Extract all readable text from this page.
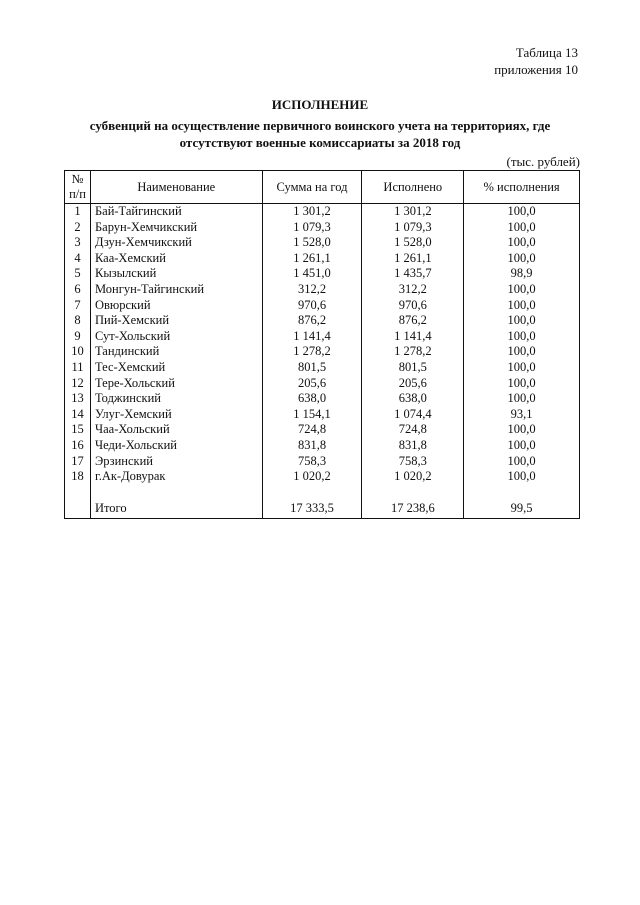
Таблица 13
приложения 10
ИСПОЛНЕНИЕ
субвенций на осуществление первичного воинского учета на территориях, где
отсутствуют военные комиссариаты за 2018 год
(тыс. рублей)
№
п/п	Наименование	Сумма на год	Исполнено	% исполнения
1	Бай-Тайгинский	1 301,2	1 301,2	100,0
2	Барун-Хемчикский	1 079,3	1 079,3	100,0
3	Дзун-Хемчикский	1 528,0	1 528,0	100,0
4	Каа-Хемский	1 261,1	1 261,1	100,0
5	Кызылский	1 451,0	1 435,7	98,9
6	Монгун-Тайгинский	312,2	312,2	100,0
7	Овюрский	970,6	970,6	100,0
8	Пий-Хемский	876,2	876,2	100,0
9	Сут-Хольский	1 141,4	1 141,4	100,0
10	Тандинский	1 278,2	1 278,2	100,0
11	Тес-Хемский	801,5	801,5	100,0
12	Тере-Хольский	205,6	205,6	100,0
13	Тоджинский	638,0	638,0	100,0
14	Улуг-Хемский	1 154,1	1 074,4	93,1
15	Чаа-Хольский	724,8	724,8	100,0
16	Чеди-Хольский	831,8	831,8	100,0
17	Эрзинский	758,3	758,3	100,0
18	г.Ак-Довурак	1 020,2	1 020,2	100,0

	Итого	17 333,5	17 238,6	99,5
